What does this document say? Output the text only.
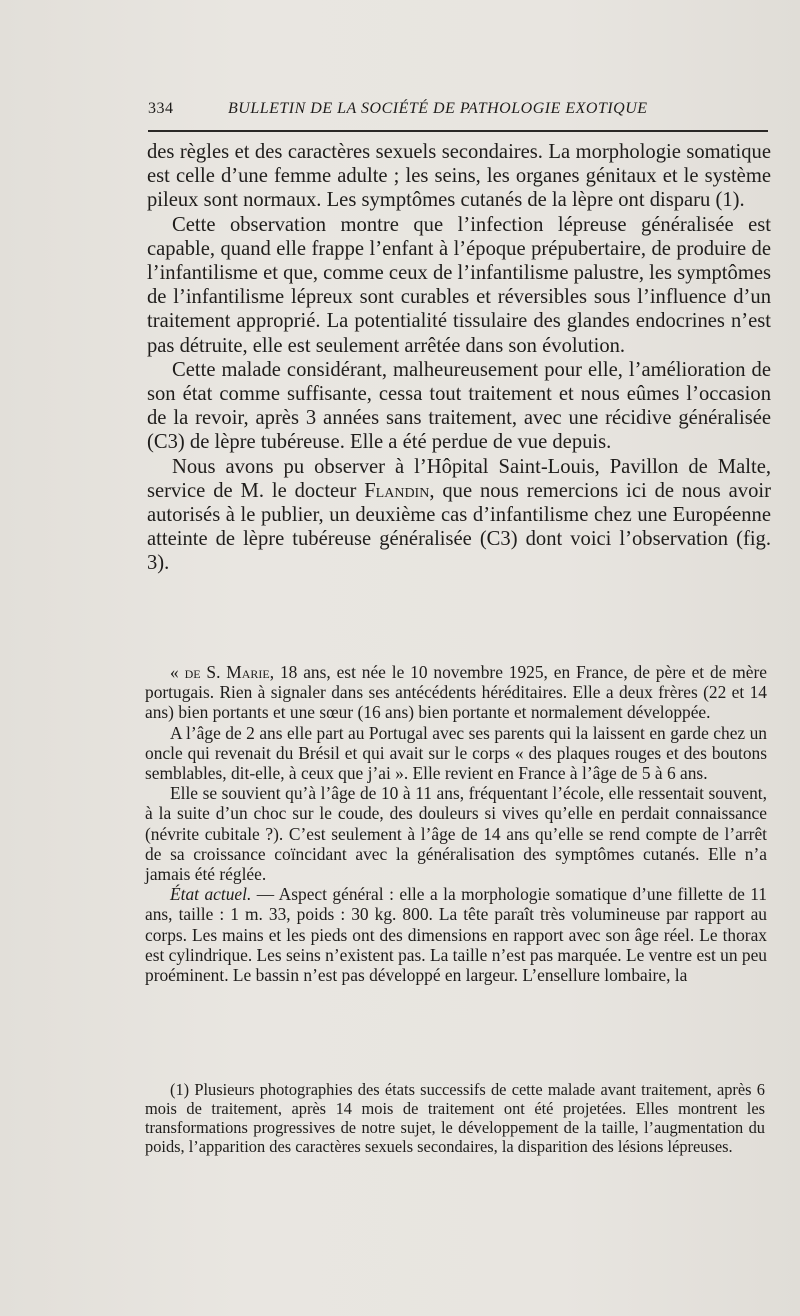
334	BULLETIN DE LA SOCIÉTÉ DE PATHOLOGIE EXOTIQUE

des règles et des caractères sexuels secondaires. La morphologie somatique est celle d’une femme adulte ; les seins, les organes génitaux et le système pileux sont normaux. Les symptômes cutanés de la lèpre ont disparu (1).

Cette observation montre que l’infection lépreuse généralisée est capable, quand elle frappe l’enfant à l’époque prépubertaire, de produire de l’infantilisme et que, comme ceux de l’infantilisme palustre, les symptômes de l’infantilisme lépreux sont curables et réversibles sous l’influence d’un traitement approprié. La potentialité tissulaire des glandes endocrines n’est pas détruite, elle est seulement arrêtée dans son évolution.

Cette malade considérant, malheureusement pour elle, l’amélioration de son état comme suffisante, cessa tout traitement et nous eûmes l’occasion de la revoir, après 3 années sans traitement, avec une récidive généralisée (C3) de lèpre tubéreuse. Elle a été perdue de vue depuis.

Nous avons pu observer à l’Hôpital Saint-Louis, Pavillon de Malte, service de M. le docteur Flandin, que nous remercions ici de nous avoir autorisés à le publier, un deuxième cas d’infantilisme chez une Européenne atteinte de lèpre tubéreuse généralisée (C3) dont voici l’observation (fig. 3).

« de S. Marie, 18 ans, est née le 10 novembre 1925, en France, de père et de mère portugais. Rien à signaler dans ses antécédents héréditaires. Elle a deux frères (22 et 14 ans) bien portants et une sœur (16 ans) bien portante et normalement développée.

A l’âge de 2 ans elle part au Portugal avec ses parents qui la laissent en garde chez un oncle qui revenait du Brésil et qui avait sur le corps « des plaques rouges et des boutons semblables, dit-elle, à ceux que j’ai ». Elle revient en France à l’âge de 5 à 6 ans.

Elle se souvient qu’à l’âge de 10 à 11 ans, fréquentant l’école, elle ressentait souvent, à la suite d’un choc sur le coude, des douleurs si vives qu’elle en perdait connaissance (névrite cubitale ?). C’est seulement à l’âge de 14 ans qu’elle se rend compte de l’arrêt de sa croissance coïncidant avec la généralisation des symptômes cutanés. Elle n’a jamais été réglée.

État actuel. — Aspect général : elle a la morphologie somatique d’une fillette de 11 ans, taille : 1 m. 33, poids : 30 kg. 800. La tête paraît très volumineuse par rapport au corps. Les mains et les pieds ont des dimensions en rapport avec son âge réel. Le thorax est cylindrique. Les seins n’existent pas. La taille n’est pas marquée. Le ventre est un peu proéminent. Le bassin n’est pas développé en largeur. L’ensellure lombaire, la

(1) Plusieurs photographies des états successifs de cette malade avant traitement, après 6 mois de traitement, après 14 mois de traitement ont été projetées. Elles montrent les transformations progressives de notre sujet, le développement de la taille, l’augmentation du poids, l’apparition des caractères sexuels secondaires, la disparition des lésions lépreuses.
